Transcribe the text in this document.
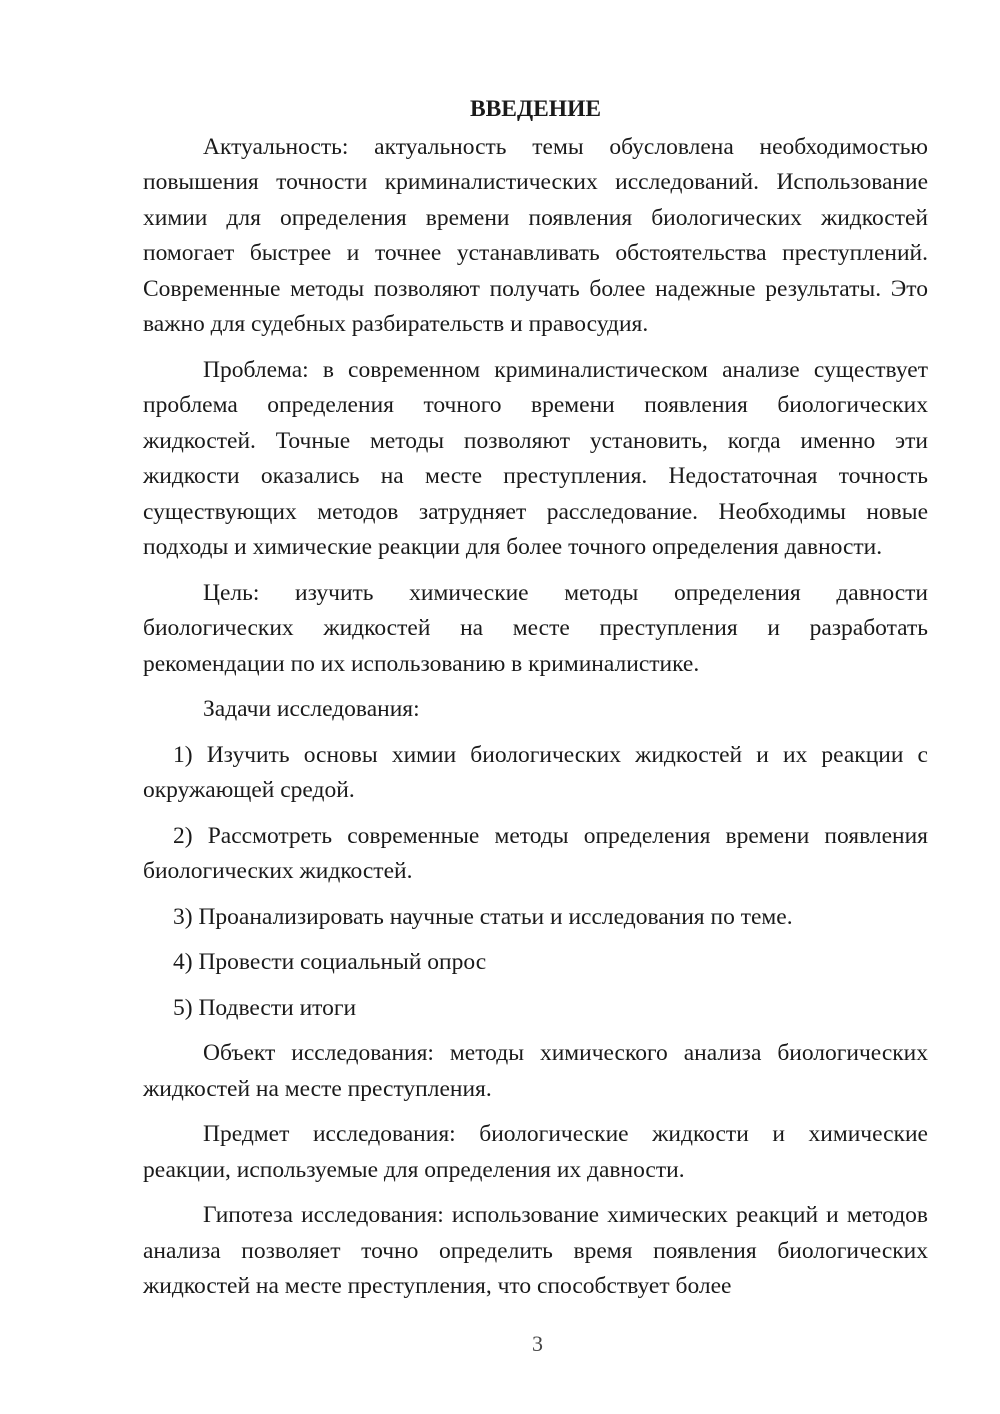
ВВЕДЕНИЕ

Актуальность: актуальность темы обусловлена необходимостью повышения точности криминалистических исследований. Использование химии для определения времени появления биологических жидкостей помогает быстрее и точнее устанавливать обстоятельства преступлений. Современные методы позволяют получать более надежные результаты. Это важно для судебных разбирательств и правосудия.

Проблема: в современном криминалистическом анализе существует проблема определения точного времени появления биологических жидкостей. Точные методы позволяют установить, когда именно эти жидкости оказались на месте преступления. Недостаточная точность существующих методов затрудняет расследование. Необходимы новые подходы и химические реакции для более точного определения давности.

Цель: изучить химические методы определения давности биологических жидкостей на месте преступления и разработать рекомендации по их использованию в криминалистике.

Задачи исследования:

1) Изучить основы химии биологических жидкостей и их реакции с окружающей средой.

2) Рассмотреть современные методы определения времени появления биологических жидкостей.

3) Проанализировать научные статьи и исследования по теме.

4) Провести социальный опрос

5) Подвести итоги

Объект исследования: методы химического анализа биологических жидкостей на месте преступления.

Предмет исследования: биологические жидкости и химические реакции, используемые для определения их давности.

Гипотеза исследования: использование химических реакций и методов анализа позволяет точно определить время появления биологических жидкостей на месте преступления, что способствует более

3
